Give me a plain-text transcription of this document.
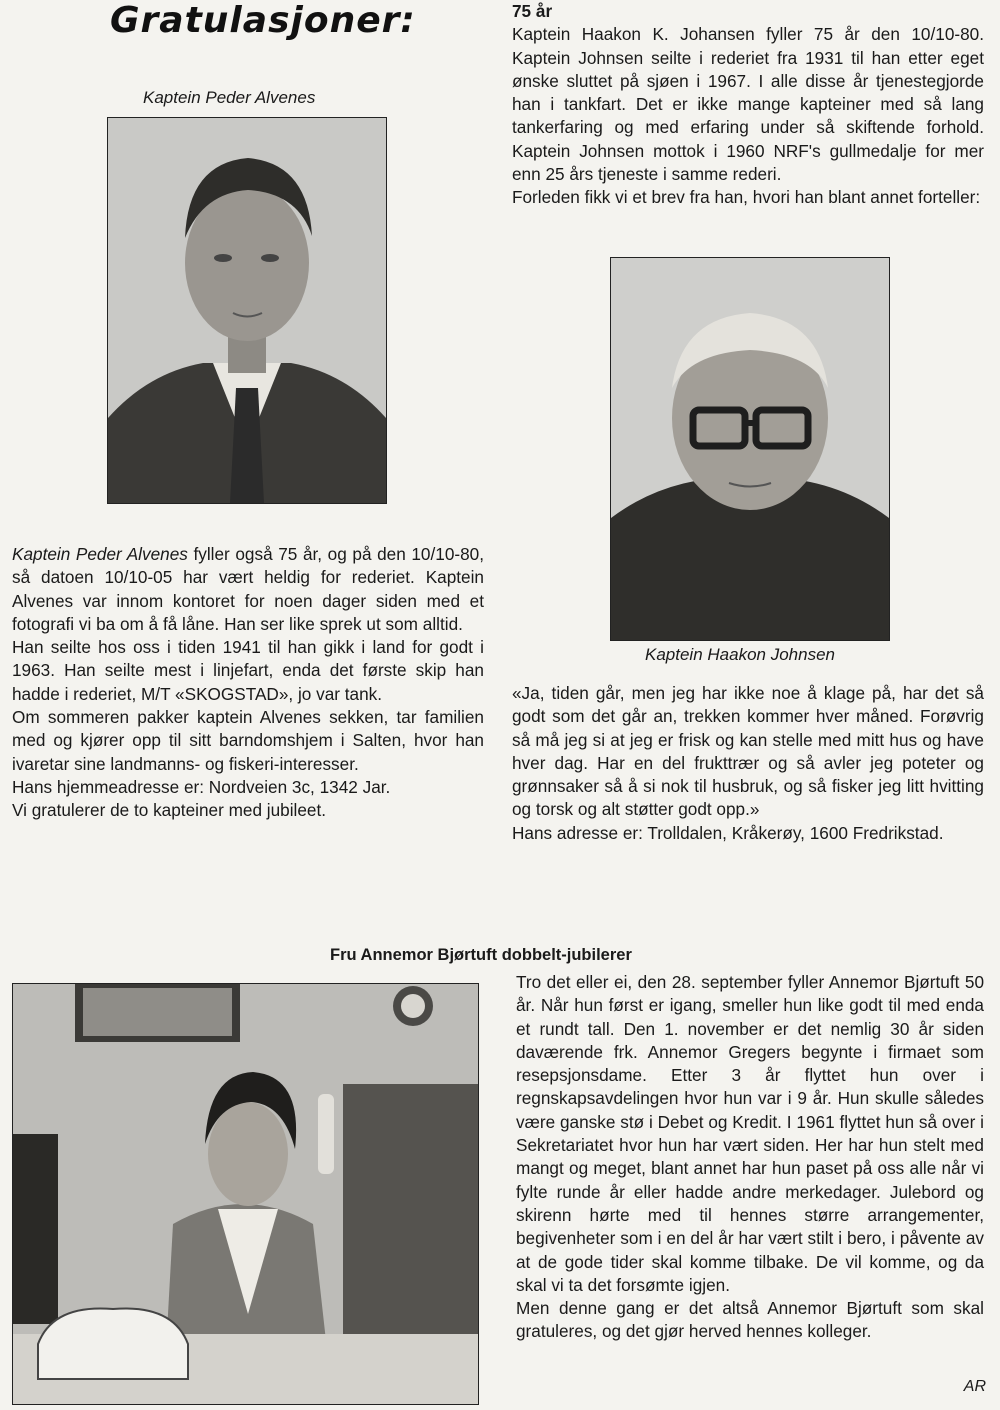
Gratulasjoner:

Kaptein Peder Alvenes

Kaptein Peder Alvenes fyller også 75 år, og på den 10/10-80, så datoen 10/10-05 har vært heldig for rederiet. Kaptein Alvenes var innom kontoret for noen dager siden med et fotografi vi ba om å få låne. Han ser like sprek ut som alltid.

Han seilte hos oss i tiden 1941 til han gikk i land for godt i 1963. Han seilte mest i linjefart, enda det første skip han hadde i rederiet, M/T «SKOGSTAD», jo var tank.

Om sommeren pakker kaptein Alvenes sekken, tar familien med og kjører opp til sitt barndomshjem i Salten, hvor han ivaretar sine landmanns- og fiskeri-interesser.

Hans hjemmeadresse er: Nordveien 3c, 1342 Jar.

Vi gratulerer de to kapteiner med jubileet.

75 år

Kaptein Haakon K. Johansen fyller 75 år den 10/10-80. Kaptein Johnsen seilte i rederiet fra 1931 til han etter eget ønske sluttet på sjøen i 1967. I alle disse år tjenestegjorde han i tankfart. Det er ikke mange kapteiner med så lang tankerfaring og med erfaring under så skiftende forhold. Kaptein Johnsen mottok i 1960 NRF's gullmedalje for mer enn 25 års tjeneste i samme rederi.

Forleden fikk vi et brev fra han, hvori han blant annet forteller:

Kaptein Haakon Johnsen

«Ja, tiden går, men jeg har ikke noe å klage på, har det så godt som det går an, trekken kommer hver måned. Forøvrig så må jeg si at jeg er frisk og kan stelle med mitt hus og have hver dag. Har en del frukttrær og så avler jeg poteter og grønnsaker så å si nok til husbruk, og så fisker jeg litt hvitting og torsk og alt støtter godt opp.»

Hans adresse er: Trolldalen, Kråkerøy, 1600 Fredrikstad.

Fru Annemor Bjørtuft dobbelt-jubilerer

Tro det eller ei, den 28. september fyller Annemor Bjørtuft 50 år. Når hun først er igang, smeller hun like godt til med enda et rundt tall. Den 1. november er det nemlig 30 år siden daværende frk. Annemor Gregers begynte i firmaet som resepsjonsdame. Etter 3 år flyttet hun over i regnskapsavdelingen hvor hun var i 9 år. Hun skulle således være ganske stø i Debet og Kredit. I 1961 flyttet hun så over i Sekretariatet hvor hun har vært siden. Her har hun stelt med mangt og meget, blant annet har hun paset på oss alle når vi fylte runde år eller hadde andre merkedager. Julebord og skirenn hørte med til hennes større arrangementer, begivenheter som i en del år har vært stilt i bero, i påvente av at de gode tider skal komme tilbake. De vil komme, og da skal vi ta det forsømte igjen.

Men denne gang er det altså Annemor Bjørtuft som skal gratuleres, og det gjør herved hennes kolleger.

AR
